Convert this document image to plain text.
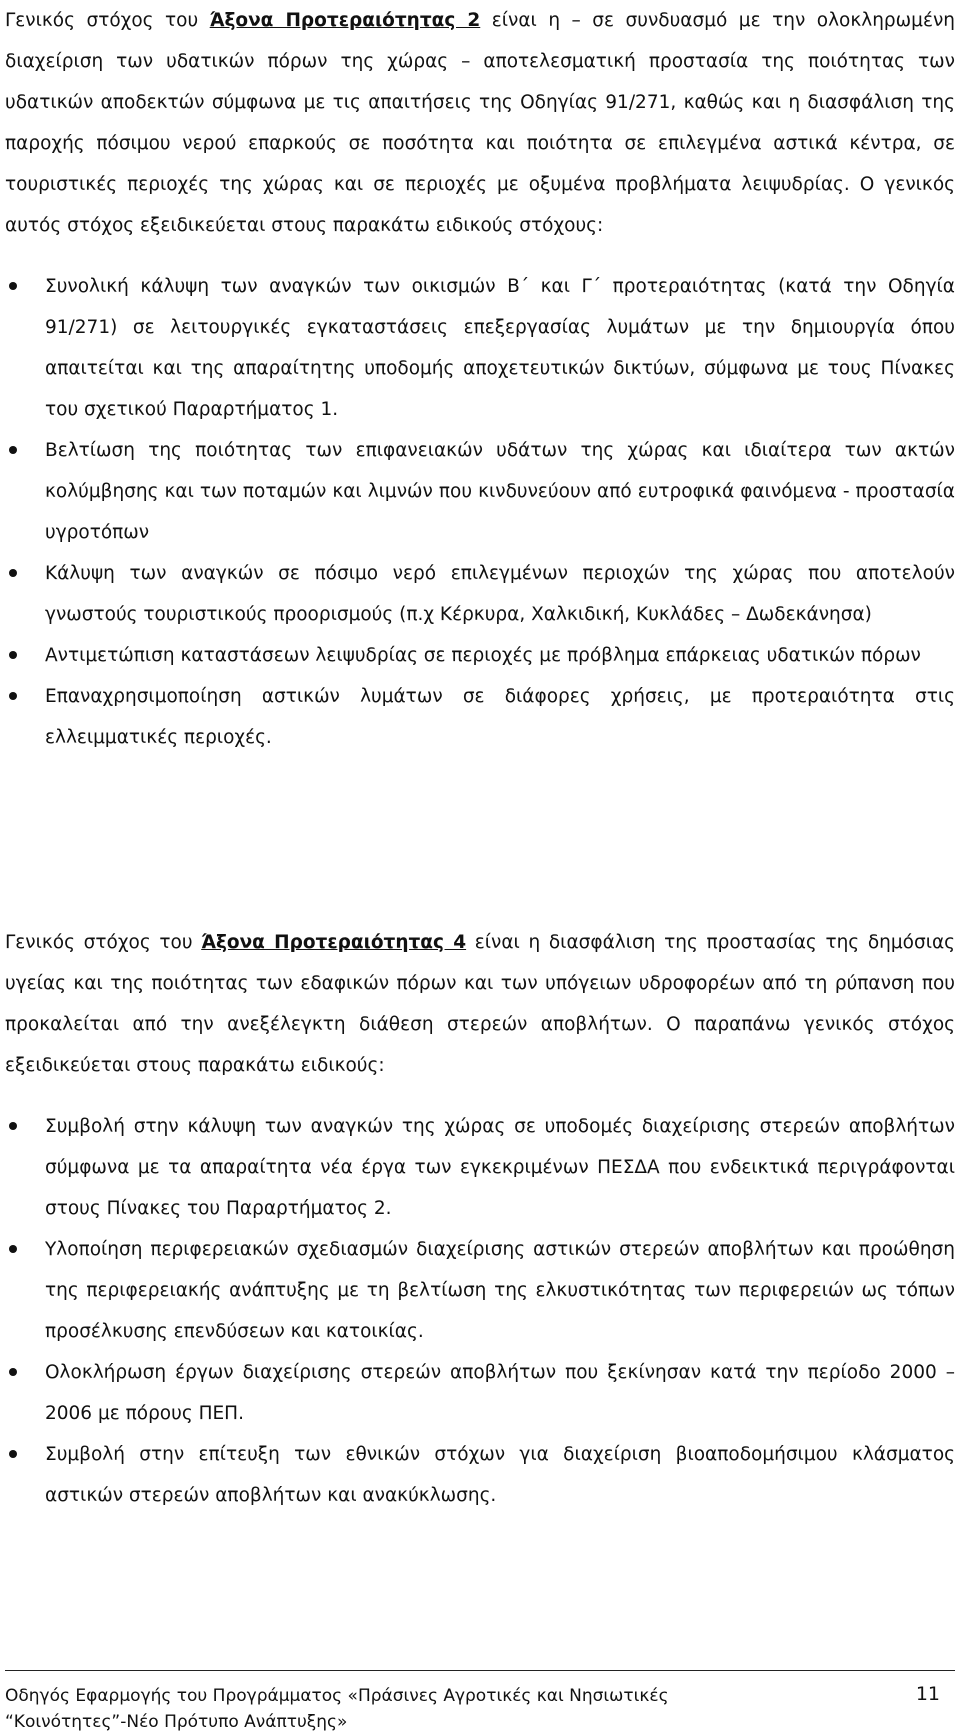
Γενικός στόχος του Άξονα Προτεραιότητας 2 είναι η – σε συνδυασμό με την ολοκληρωμένη διαχείριση των υδατικών πόρων της χώρας – αποτελεσματική προστασία της ποιότητας των υδατικών αποδεκτών σύμφωνα με τις απαιτήσεις της Οδηγίας 91/271, καθώς και η διασφάλιση της παροχής πόσιμου νερού επαρκούς σε ποσότητα και ποιότητα σε επιλεγμένα αστικά κέντρα, σε τουριστικές περιοχές της χώρας και σε περιοχές με οξυμένα προβλήματα λειψυδρίας. Ο γενικός αυτός στόχος εξειδικεύεται στους παρακάτω ειδικούς στόχους:

Συνολική κάλυψη των αναγκών των οικισμών Β΄ και Γ΄ προτεραιότητας (κατά την Οδηγία 91/271) σε λειτουργικές εγκαταστάσεις επεξεργασίας λυμάτων με την δημιουργία όπου απαιτείται και της απαραίτητης υποδομής αποχετευτικών δικτύων, σύμφωνα με τους Πίνακες του σχετικού Παραρτήματος 1.
Βελτίωση της ποιότητας των επιφανειακών υδάτων της χώρας και ιδιαίτερα των ακτών κολύμβησης και των ποταμών και λιμνών που κινδυνεύουν από ευτροφικά φαινόμενα - προστασία υγροτόπων
Κάλυψη των αναγκών σε πόσιμο νερό επιλεγμένων περιοχών της χώρας που αποτελούν γνωστούς τουριστικούς προορισμούς (π.χ Κέρκυρα, Χαλκιδική, Κυκλάδες – Δωδεκάνησα)
Αντιμετώπιση καταστάσεων λειψυδρίας σε περιοχές με πρόβλημα επάρκειας υδατικών πόρων
Επαναχρησιμοποίηση αστικών λυμάτων σε διάφορες χρήσεις, με προτεραιότητα στις ελλειμματικές περιοχές.

Γενικός στόχος του Άξονα Προτεραιότητας 4 είναι η διασφάλιση της προστασίας της δημόσιας υγείας και της ποιότητας των εδαφικών πόρων και των υπόγειων υδροφορέων από τη ρύπανση που προκαλείται από την ανεξέλεγκτη διάθεση στερεών αποβλήτων. Ο παραπάνω γενικός στόχος εξειδικεύεται στους παρακάτω ειδικούς:

Συμβολή στην κάλυψη των αναγκών της χώρας σε υποδομές διαχείρισης στερεών αποβλήτων σύμφωνα με τα απαραίτητα νέα έργα των εγκεκριμένων ΠΕΣΔΑ που ενδεικτικά περιγράφονται στους Πίνακες του Παραρτήματος 2.
Υλοποίηση περιφερειακών σχεδιασμών διαχείρισης αστικών στερεών αποβλήτων και προώθηση της περιφερειακής ανάπτυξης με τη βελτίωση της ελκυστικότητας των περιφερειών ως τόπων προσέλκυσης επενδύσεων και κατοικίας.
Ολοκλήρωση έργων διαχείρισης στερεών αποβλήτων που ξεκίνησαν κατά την περίοδο 2000 – 2006 με πόρους ΠΕΠ.
Συμβολή στην επίτευξη των εθνικών στόχων για διαχείριση βιοαποδομήσιμου κλάσματος αστικών στερεών αποβλήτων και ανακύκλωσης.
Οδηγός Εφαρμογής του Προγράμματος «Πράσινες Αγροτικές και Νησιωτικές
“Κοινότητες”-Νέο Πρότυπο Ανάπτυξης»
11
